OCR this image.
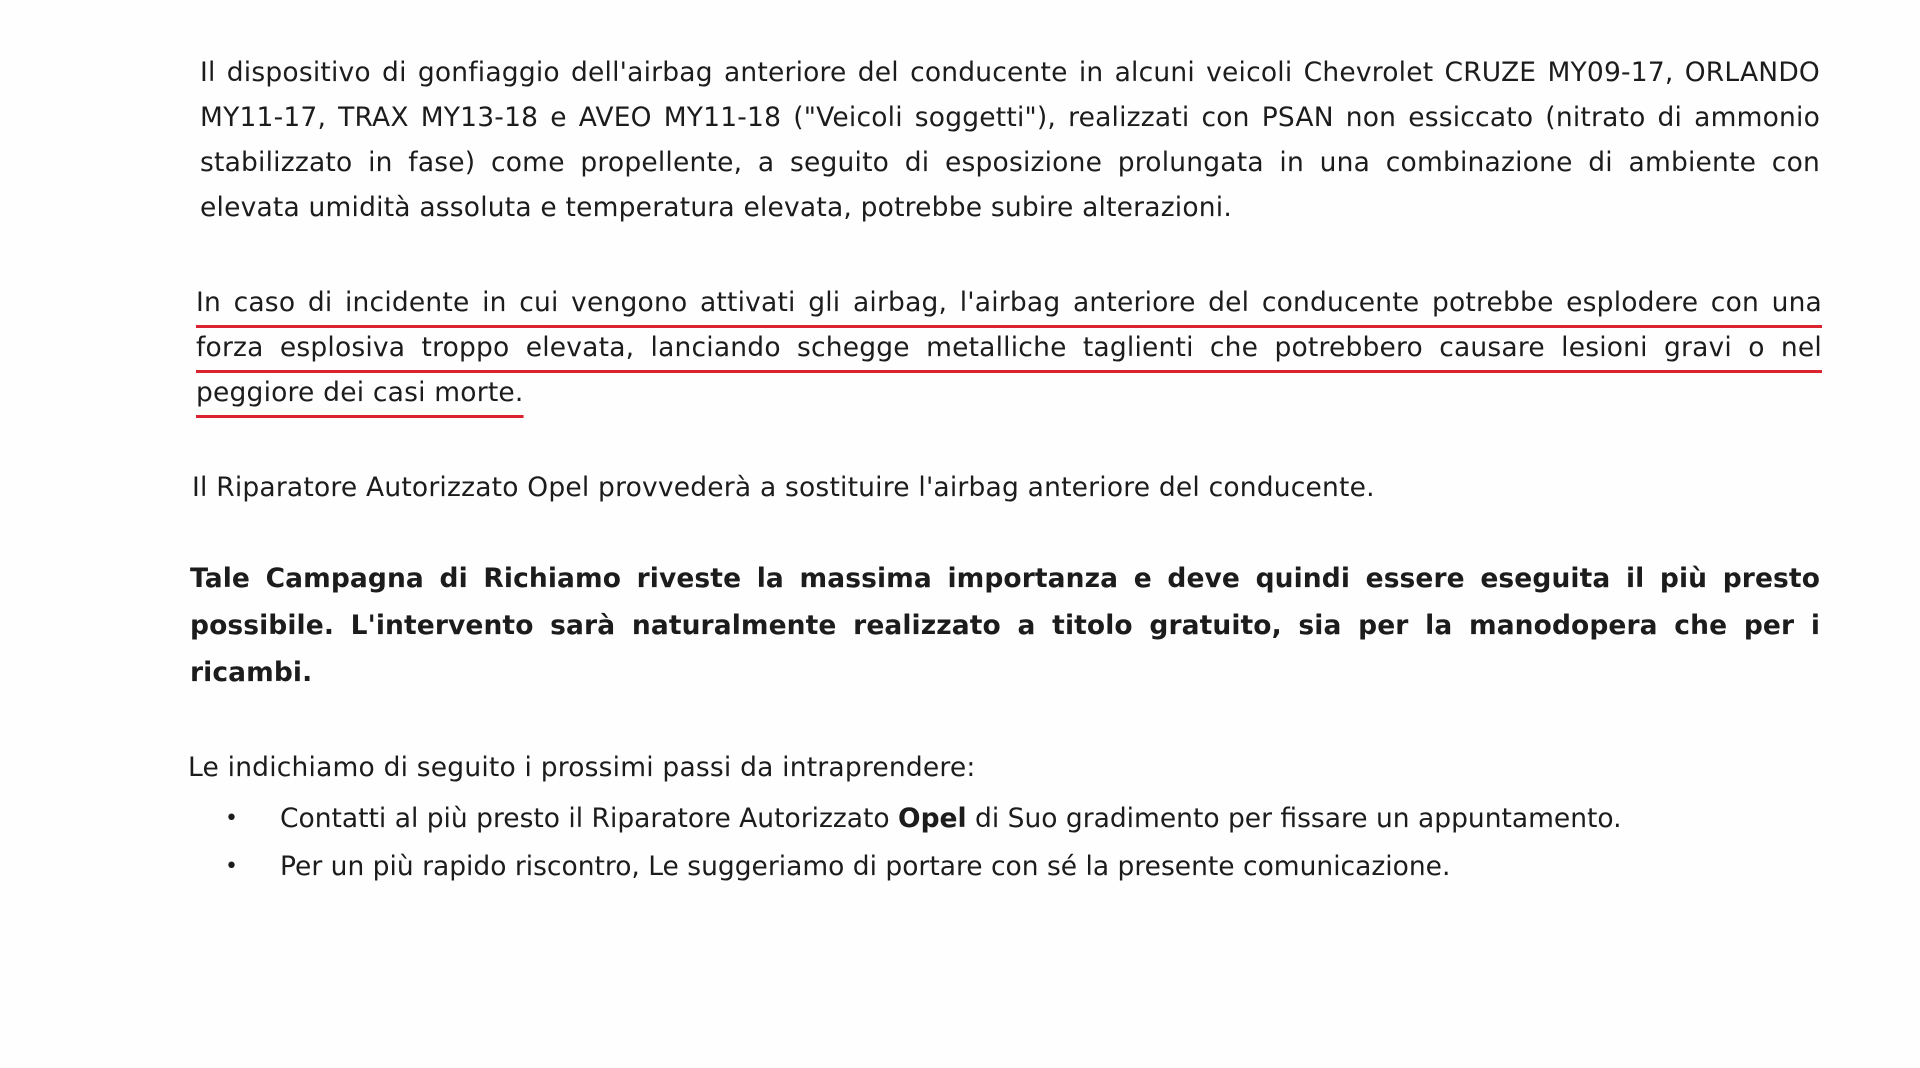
Il dispositivo di gonfiaggio dell'airbag anteriore del conducente in alcuni veicoli Chevrolet CRUZE MY09-17, ORLANDO MY11-17, TRAX MY13-18 e AVEO MY11-18 ("Veicoli soggetti"), realizzati con PSAN non essiccato (nitrato di ammonio stabilizzato in fase) come propellente, a seguito di esposizione prolungata in una combinazione di ambiente con elevata umidità assoluta e temperatura elevata, potrebbe subire alterazioni.

In caso di incidente in cui vengono attivati gli airbag, l'airbag anteriore del conducente potrebbe esplodere con una forza esplosiva troppo elevata, lanciando schegge metalliche taglienti che potrebbero causare lesioni gravi o nel peggiore dei casi morte.

Il Riparatore Autorizzato Opel provvederà a sostituire l'airbag anteriore del conducente.

Tale Campagna di Richiamo riveste la massima importanza e deve quindi essere eseguita il più presto possibile. L'intervento sarà naturalmente realizzato a titolo gratuito, sia per la manodopera che per i ricambi.

Le indichiamo di seguito i prossimi passi da intraprendere:

• Contatti al più presto il Riparatore Autorizzato Opel di Suo gradimento per fissare un appuntamento.
• Per un più rapido riscontro, Le suggeriamo di portare con sé la presente comunicazione.
